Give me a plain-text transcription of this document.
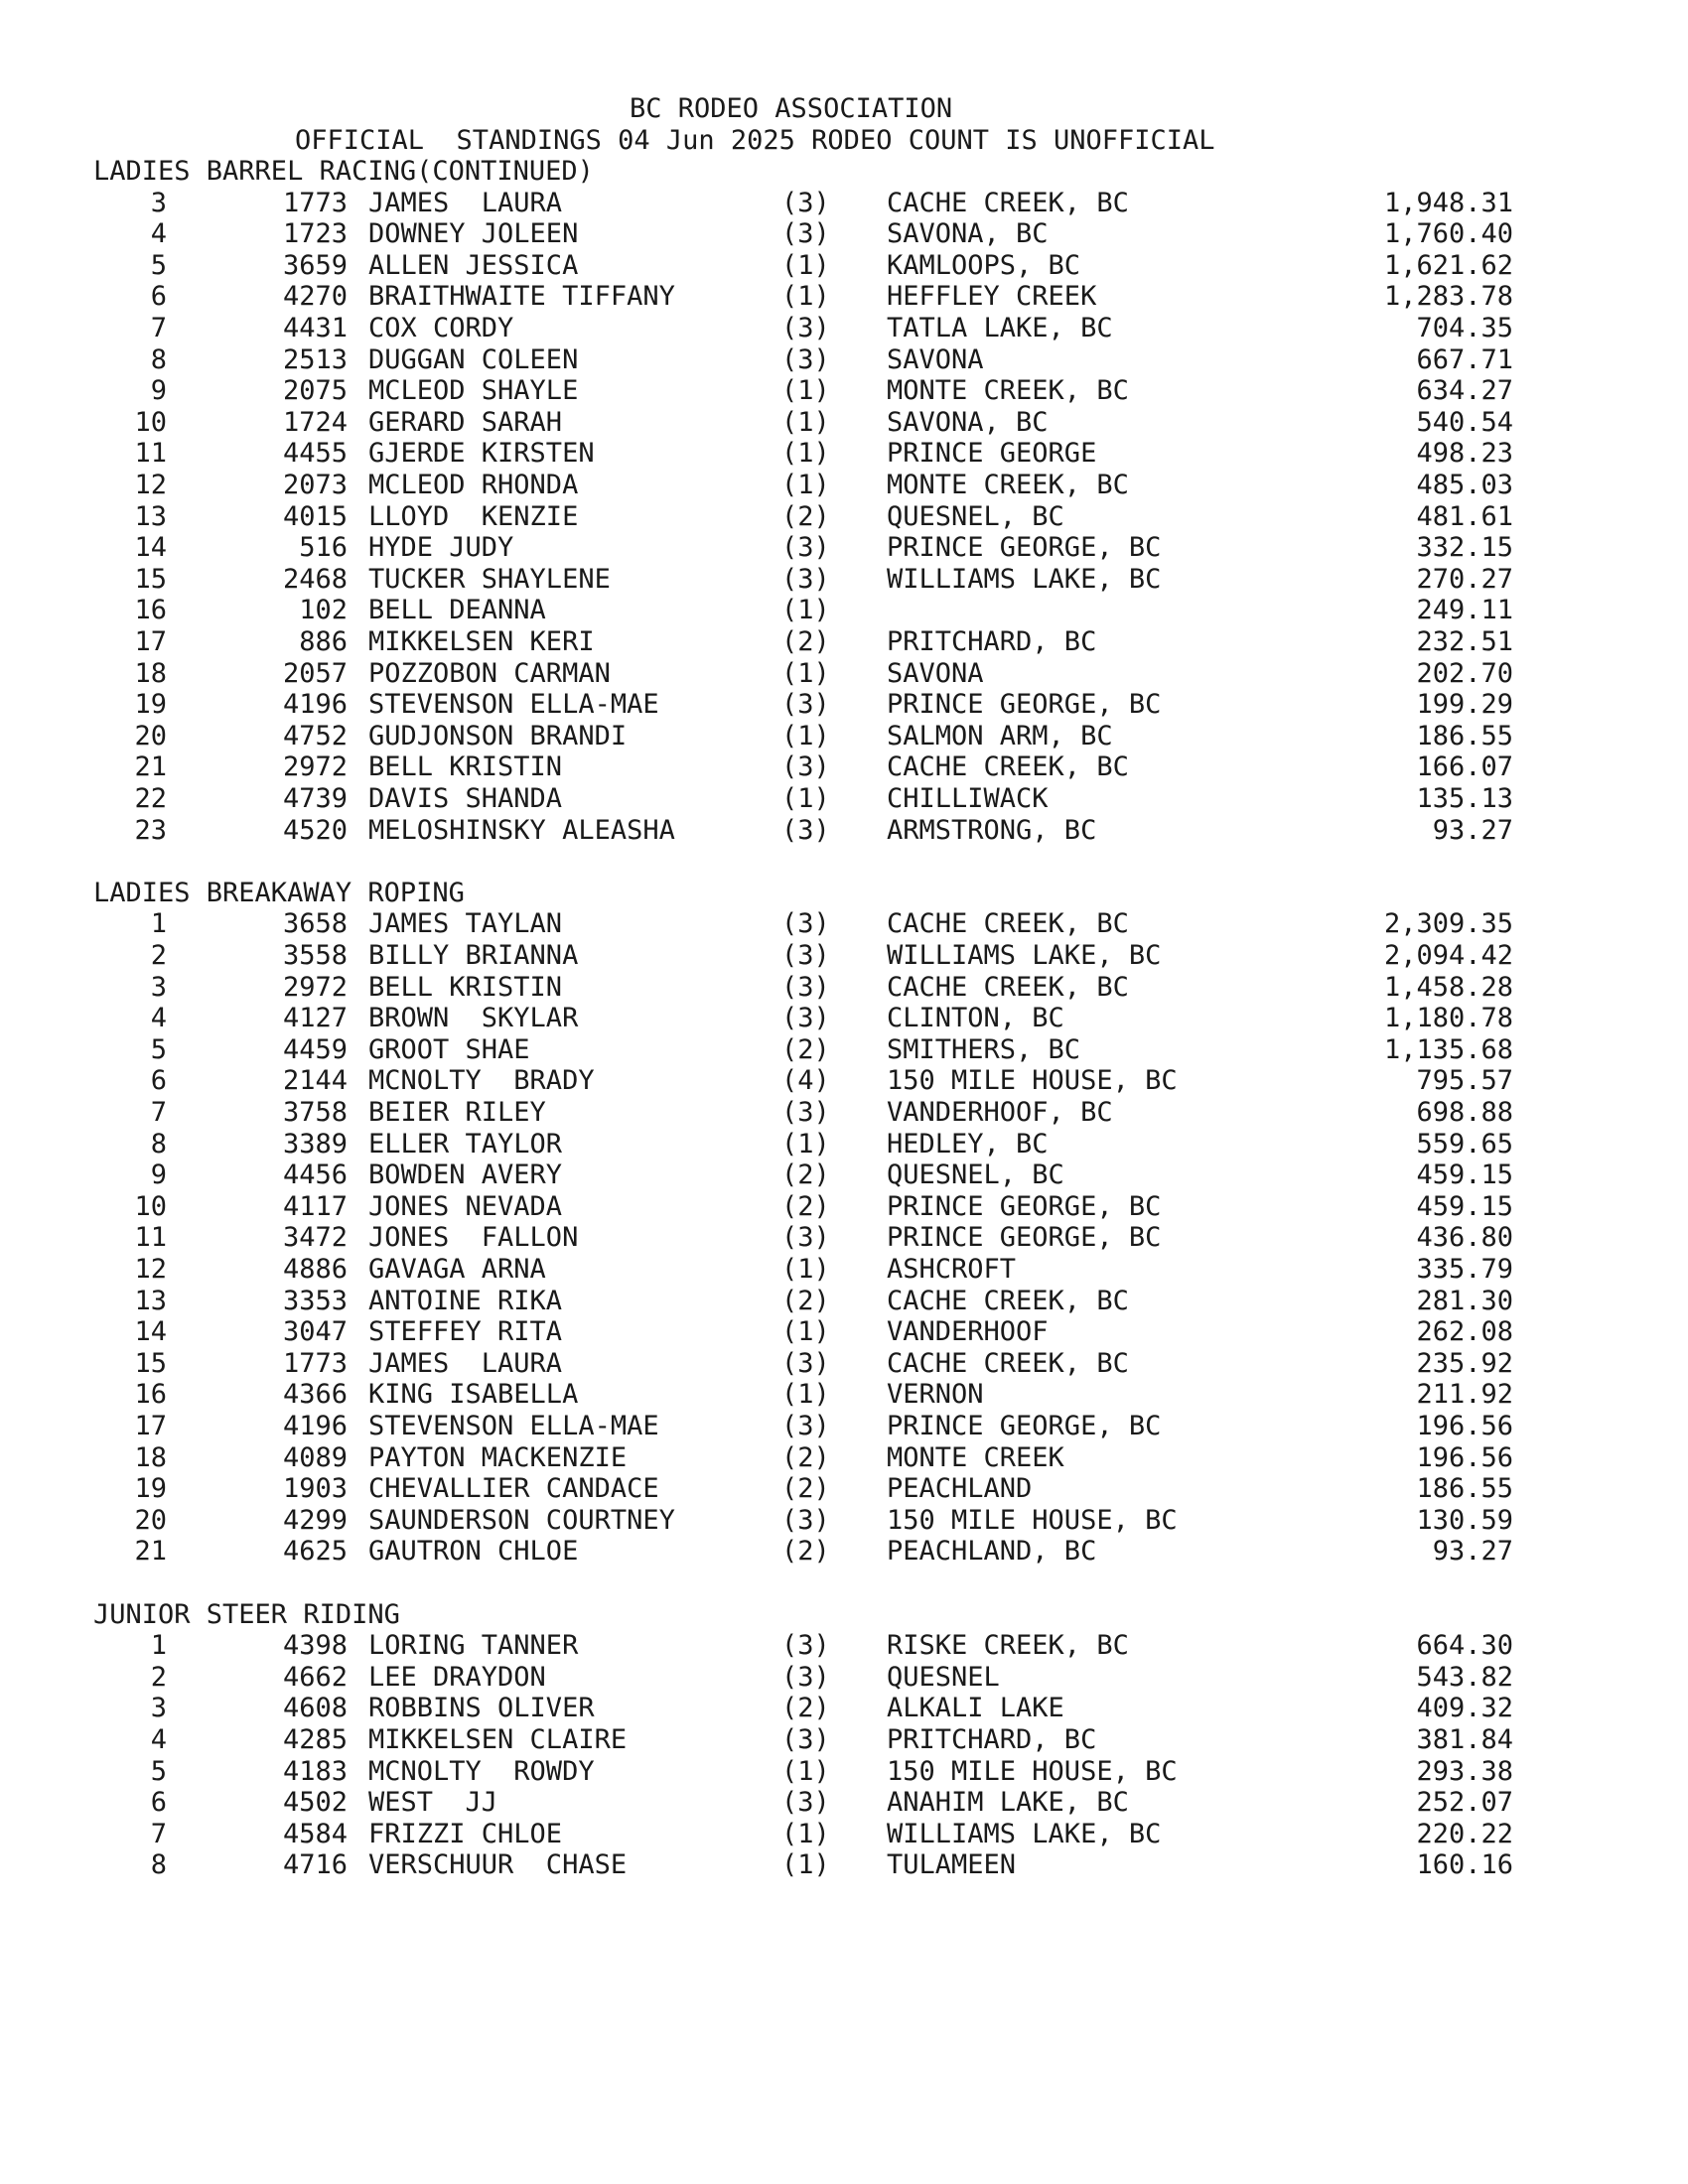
BC RODEO ASSOCIATION
OFFICIAL  STANDINGS 04 Jun 2025 RODEO COUNT IS UNOFFICIAL
LADIES BARREL RACING(CONTINUED)
3	1773 JAMES  LAURA	(3) CACHE CREEK, BC	1,948.31
4	1723 DOWNEY JOLEEN	(3) SAVONA, BC	1,760.40
5	3659 ALLEN JESSICA	(1) KAMLOOPS, BC	1,621.62
6	4270 BRAITHWAITE TIFFANY	(1) HEFFLEY CREEK	1,283.78
7	4431 COX CORDY	(3) TATLA LAKE, BC	704.35
8	2513 DUGGAN COLEEN	(3) SAVONA	667.71
9	2075 MCLEOD SHAYLE	(1) MONTE CREEK, BC	634.27
10	1724 GERARD SARAH	(1) SAVONA, BC	540.54
11	4455 GJERDE KIRSTEN	(1) PRINCE GEORGE	498.23
12	2073 MCLEOD RHONDA	(1) MONTE CREEK, BC	485.03
13	4015 LLOYD  KENZIE	(2) QUESNEL, BC	481.61
14	516 HYDE JUDY	(3) PRINCE GEORGE, BC	332.15
15	2468 TUCKER SHAYLENE	(3) WILLIAMS LAKE, BC	270.27
16	102 BELL DEANNA	(1)	249.11
17	886 MIKKELSEN KERI	(2) PRITCHARD, BC	232.51
18	2057 POZZOBON CARMAN	(1) SAVONA	202.70
19	4196 STEVENSON ELLA-MAE	(3) PRINCE GEORGE, BC	199.29
20	4752 GUDJONSON BRANDI	(1) SALMON ARM, BC	186.55
21	2972 BELL KRISTIN	(3) CACHE CREEK, BC	166.07
22	4739 DAVIS SHANDA	(1) CHILLIWACK	135.13
23	4520 MELOSHINSKY ALEASHA	(3) ARMSTRONG, BC	93.27
LADIES BREAKAWAY ROPING
1	3658 JAMES TAYLAN	(3) CACHE CREEK, BC	2,309.35
2	3558 BILLY BRIANNA	(3) WILLIAMS LAKE, BC	2,094.42
3	2972 BELL KRISTIN	(3) CACHE CREEK, BC	1,458.28
4	4127 BROWN  SKYLAR	(3) CLINTON, BC	1,180.78
5	4459 GROOT SHAE	(2) SMITHERS, BC	1,135.68
6	2144 MCNOLTY  BRADY	(4) 150 MILE HOUSE, BC	795.57
7	3758 BEIER RILEY	(3) VANDERHOOF, BC	698.88
8	3389 ELLER TAYLOR	(1) HEDLEY, BC	559.65
9	4456 BOWDEN AVERY	(2) QUESNEL, BC	459.15
10	4117 JONES NEVADA	(2) PRINCE GEORGE, BC	459.15
11	3472 JONES  FALLON	(3) PRINCE GEORGE, BC	436.80
12	4886 GAVAGA ARNA	(1) ASHCROFT	335.79
13	3353 ANTOINE RIKA	(2) CACHE CREEK, BC	281.30
14	3047 STEFFEY RITA	(1) VANDERHOOF	262.08
15	1773 JAMES  LAURA	(3) CACHE CREEK, BC	235.92
16	4366 KING ISABELLA	(1) VERNON	211.92
17	4196 STEVENSON ELLA-MAE	(3) PRINCE GEORGE, BC	196.56
18	4089 PAYTON MACKENZIE	(2) MONTE CREEK	196.56
19	1903 CHEVALLIER CANDACE	(2) PEACHLAND	186.55
20	4299 SAUNDERSON COURTNEY	(3) 150 MILE HOUSE, BC	130.59
21	4625 GAUTRON CHLOE	(2) PEACHLAND, BC	93.27
JUNIOR STEER RIDING
1	4398 LORING TANNER	(3) RISKE CREEK, BC	664.30
2	4662 LEE DRAYDON	(3) QUESNEL	543.82
3	4608 ROBBINS OLIVER	(2) ALKALI LAKE	409.32
4	4285 MIKKELSEN CLAIRE	(3) PRITCHARD, BC	381.84
5	4183 MCNOLTY  ROWDY	(1) 150 MILE HOUSE, BC	293.38
6	4502 WEST  JJ	(3) ANAHIM LAKE, BC	252.07
7	4584 FRIZZI CHLOE	(1) WILLIAMS LAKE, BC	220.22
8	4716 VERSCHUUR  CHASE	(1) TULAMEEN	160.16
